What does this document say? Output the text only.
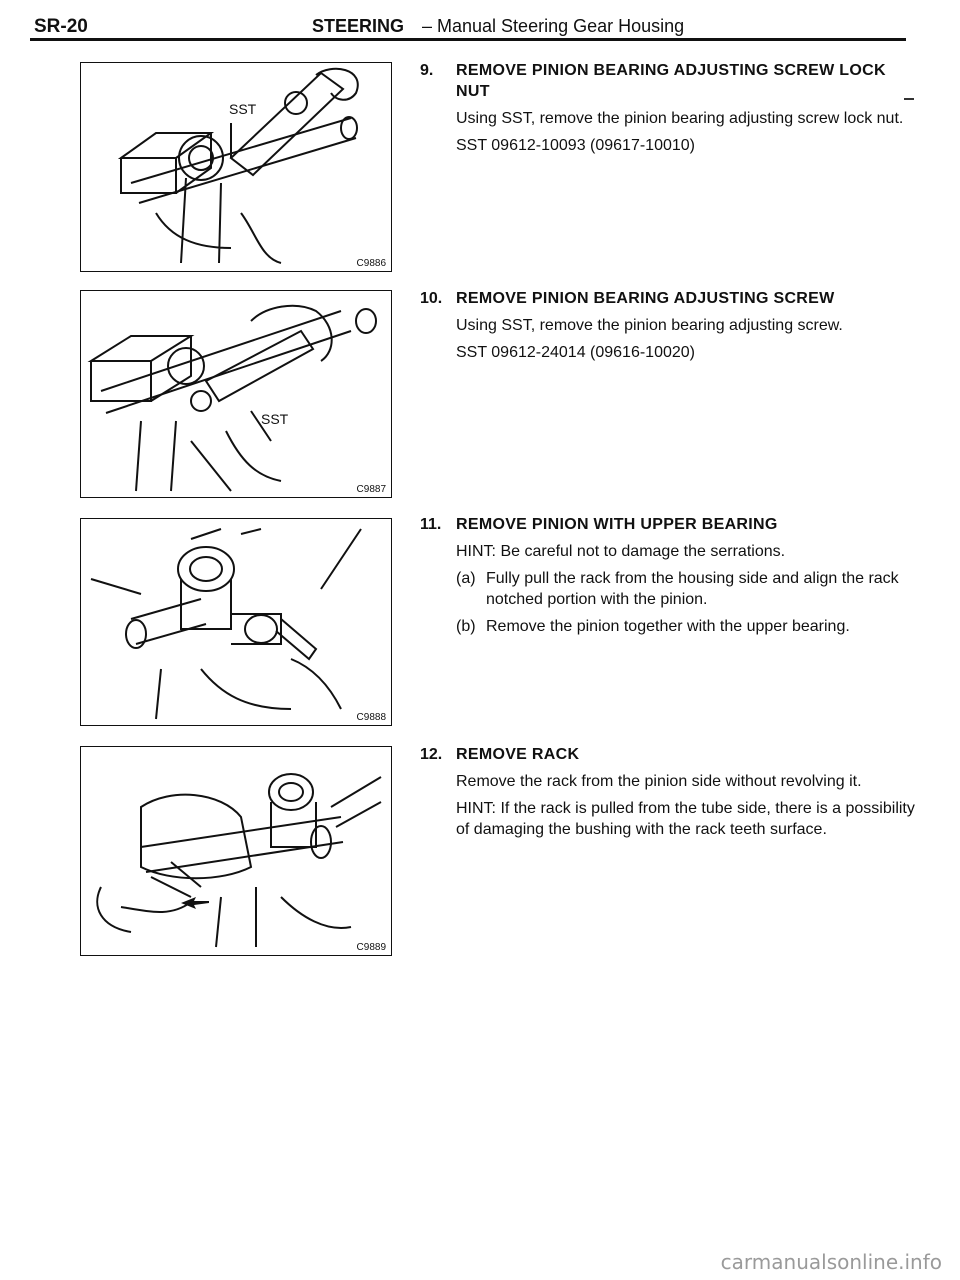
SR-20	STEERING – Manual Steering Gear Housing
SST
C9886
SST
C9887
C9888
C9889
9. REMOVE PINION BEARING ADJUSTING SCREW LOCK NUT
Using SST, remove the pinion bearing adjusting screw lock nut.
SST 09612-10093 (09617-10010)
10. REMOVE PINION BEARING ADJUSTING SCREW
Using SST, remove the pinion bearing adjusting screw.
SST 09612-24014 (09616-10020)
11. REMOVE PINION WITH UPPER BEARING
HINT: Be careful not to damage the serrations.
(a) Fully pull the rack from the housing side and align the rack notched portion with the pinion.
(b) Remove the pinion together with the upper bearing.
12. REMOVE RACK
Remove the rack from the pinion side without revolving it.
HINT: If the rack is pulled from the tube side, there is a possibility of damaging the bushing with the rack teeth surface.
carmanualsonline.info
